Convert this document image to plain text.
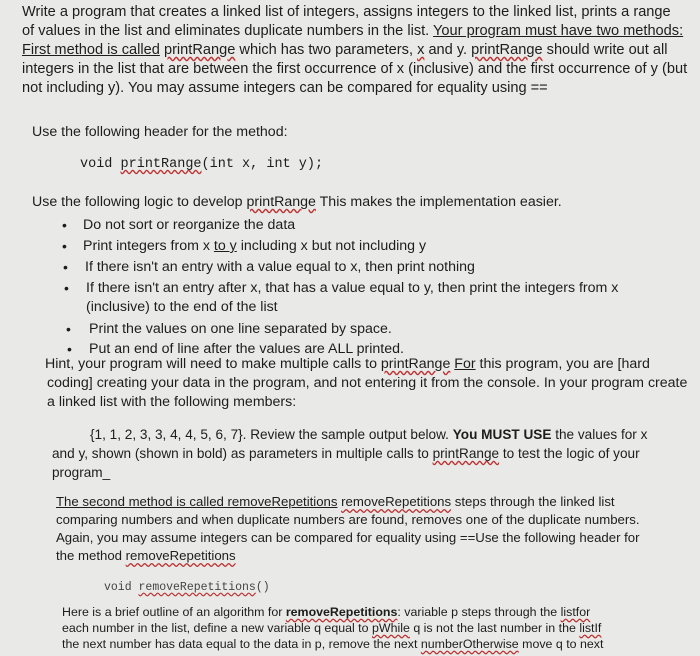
Write a program that creates a linked list of integers, assigns integers to the linked list, prints a range

of values in the list and eliminates duplicate numbers in the list. Your program must have two methods:

First method is called printRange which has two parameters, x and y. printRange should write out all

integers in the list that are between the first occurrence of x (inclusive) and the first occurrence of y (but

not including y). You may assume integers can be compared for equality using ==

Use the following header for the method:

void printRange(int x, int y);

Use the following logic to develop printRange This makes the implementation easier.

• Do not sort or reorganize the data

• Print integers from x to y including x but not including y

• If there isn't an entry with a value equal to x, then print nothing

• If there isn't an entry after x, that has a value equal to y, then print the integers from x

(inclusive) to the end of the list

• Print the values on one line separated by space.

• Put an end of line after the values are ALL printed.

Hint, your program will need to make multiple calls to printRange For this program, you are [hard

coding] creating your data in the program, and not entering it from the console. In your program create

a linked list with the following members:

{1, 1, 2, 3, 3, 4, 4, 5, 6, 7}. Review the sample output below. You MUST USE the values for x

and y, shown (shown in bold) as parameters in multiple calls to printRange to test the logic of your

program_

The second method is called removeRepetitions removeRepetitions steps through the linked list

comparing numbers and when duplicate numbers are found, removes one of the duplicate numbers.

Again, you may assume integers can be compared for equality using ==Use the following header for

the method removeRepetitions

void removeRepetitions()

Here is a brief outline of an algorithm for removeRepetitions: variable p steps through the listfor

each number in the list, define a new variable q equal to pWhile q is not the last number in the listIf

the next number has data equal to the data in p, remove the next numberOtherwise move q to next
